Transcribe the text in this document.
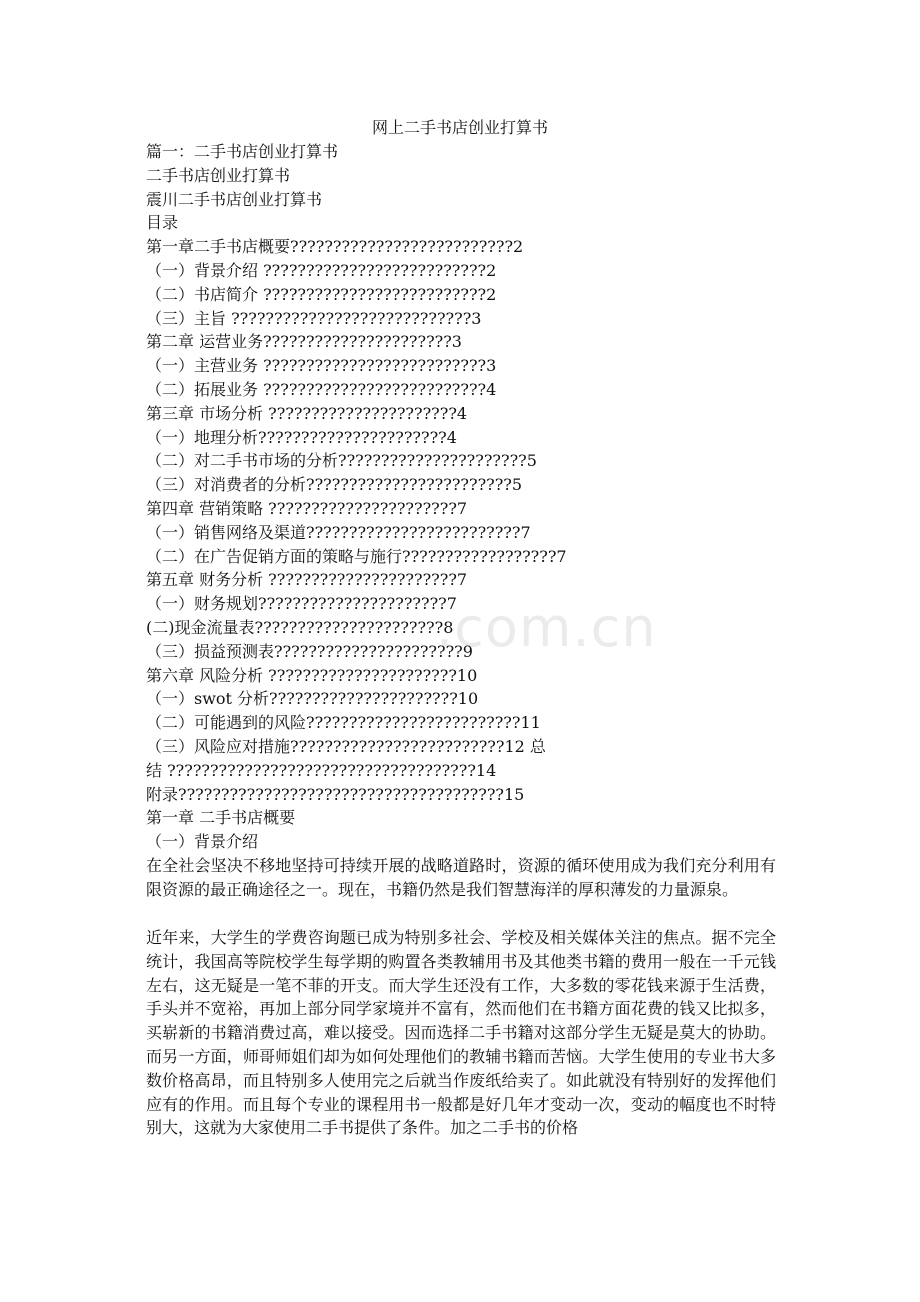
网上二手书店创业打算书
篇一：二手书店创业打算书
二手书店创业打算书
震川二手书店创业打算书
目录
第一章二手书店概要??????????????????????????2
（一）背景介绍 ??????????????????????????2
（二）书店简介 ??????????????????????????2
（三）主旨 ????????????????????????????3
第二章 运营业务??????????????????????3
（一）主营业务 ??????????????????????????3
（二）拓展业务 ??????????????????????????4
第三章 市场分析 ??????????????????????4
（一）地理分析??????????????????????4
（二）对二手书市场的分析??????????????????????5
（三）对消费者的分析????????????????????????5
第四章 营销策略 ??????????????????????7
（一）销售网络及渠道?????????????????????????7
（二）在广告促销方面的策略与施行??????????????????7
第五章 财务分析 ??????????????????????7
（一）财务规划??????????????????????7
(二)现金流量表??????????????????????8
（三）损益预测表??????????????????????9
第六章 风险分析 ??????????????????????10
（一）swot 分析??????????????????????10
（二）可能遇到的风险?????????????????????????11
（三）风险应对措施?????????????????????????12 总
结 ????????????????????????????????????14
附录??????????????????????????????????????15
第一章 二手书店概要
（一）背景介绍

在全社会坚决不移地坚持可持续开展的战略道路时，资源的循环使用成为我们充分利用有限资源的最正确途径之一。现在，书籍仍然是我们智慧海洋的厚积薄发的力量源泉。

近年来，大学生的学费咨询题已成为特别多社会、学校及相关媒体关注的焦点。据不完全统计，我国高等院校学生每学期的购置各类教辅用书及其他类书籍的费用一般在一千元钱左右，这无疑是一笔不菲的开支。而大学生还没有工作，大多数的零花钱来源于生活费，手头并不宽裕，再加上部分同学家境并不富有，然而他们在书籍方面花费的钱又比拟多，买崭新的书籍消费过高，难以接受。因而选择二手书籍对这部分学生无疑是莫大的协助。而另一方面，师哥师姐们却为如何处理他们的教辅书籍而苦恼。大学生使用的专业书大多数价格高昂，而且特别多人使用完之后就当作废纸给卖了。如此就没有特别好的发挥他们应有的作用。而且每个专业的课程用书一般都是好几年才变动一次，变动的幅度也不时特别大，这就为大家使用二手书提供了条件。加之二手书的价格

.com.cn
